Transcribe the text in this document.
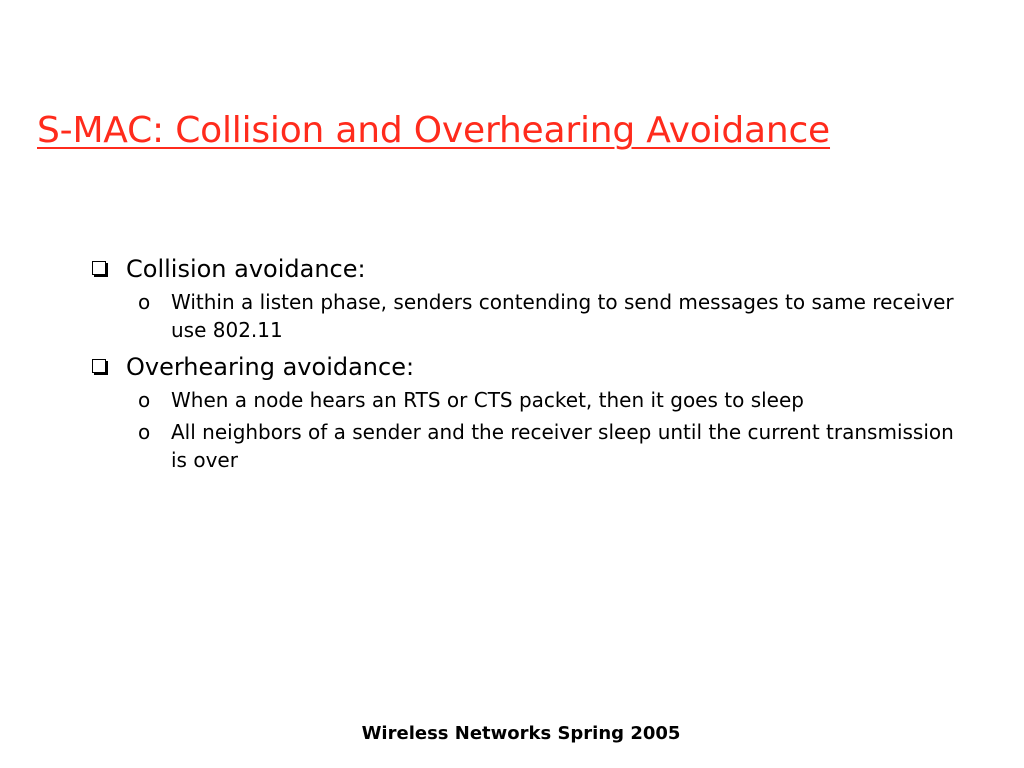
S-MAC: Collision and Overhearing Avoidance
Collision avoidance:
o Within a listen phase, senders contending to send messages to same receiver use 802.11
Overhearing avoidance:
o When a node hears an RTS or CTS packet, then it goes to sleep
o All neighbors of a sender and the receiver sleep until the current transmission is over
Wireless Networks Spring 2005
